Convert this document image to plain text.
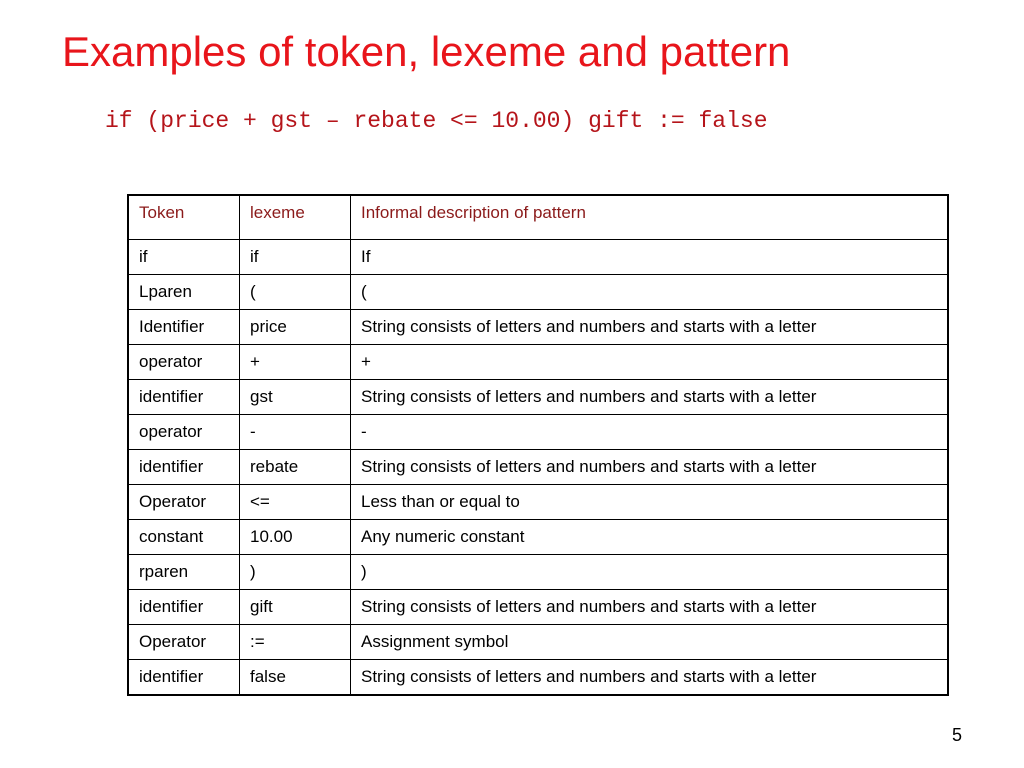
Examples of token, lexeme and pattern
if (price + gst – rebate <= 10.00) gift := false
Token	lexeme	Informal description of pattern
if	if	If
Lparen	(	(
Identifier	price	String consists of letters and numbers and starts with a letter
operator	+	+
identifier	gst	String consists of letters and numbers and starts with a letter
operator	-	-
identifier	rebate	String consists of letters and numbers and starts with a letter
Operator	<=	Less than or equal to
constant	10.00	Any numeric constant
rparen	)	)
identifier	gift	String consists of letters and numbers and starts with a letter
Operator	:=	Assignment symbol
identifier	false	String consists of letters and numbers and starts with a letter
5
